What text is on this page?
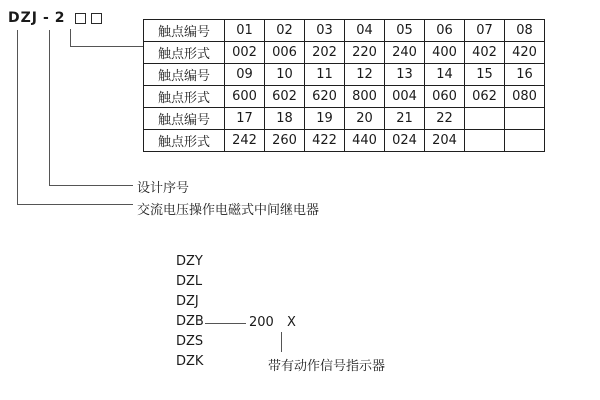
DZJ - 2
设计序号
交流电压操作电磁式中间继电器
触点编号	01	02	03	04	05	06	07	08
触点形式	002	006	202	220	240	400	402	420
触点编号	09	10	11	12	13	14	15	16
触点形式	600	602	620	800	004	060	062	080
触点编号	17	18	19	20	21	22		
触点形式	242	260	422	440	024	204		
DZY
DZL
DZJ
DZB
DZS
DZK
200 X
带有动作信号指示器
